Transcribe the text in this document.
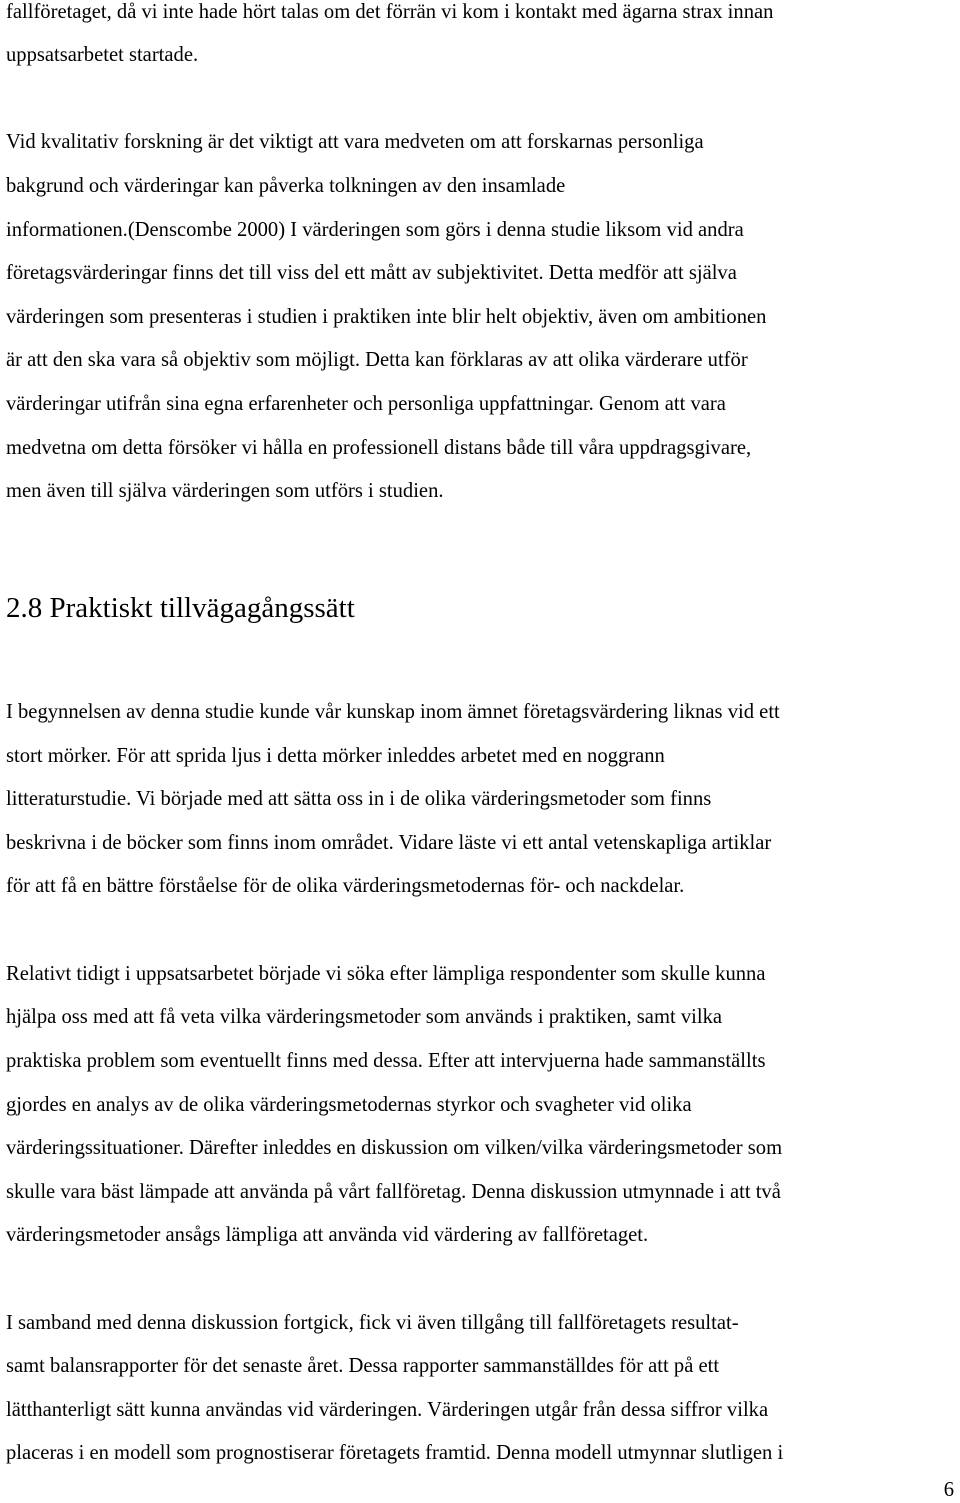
fallföretaget, då vi inte hade hört talas om det förrän vi kom i kontakt med ägarna strax innan
uppsatsarbetet startade.
Vid kvalitativ forskning är det viktigt att vara medveten om att forskarnas personliga
bakgrund och värderingar kan påverka tolkningen av den insamlade
informationen.(Denscombe 2000) I värderingen som görs i denna studie liksom vid andra
företagsvärderingar finns det till viss del ett mått av subjektivitet. Detta medför att själva
värderingen som presenteras i studien i praktiken inte blir helt objektiv, även om ambitionen
är att den ska vara så objektiv som möjligt. Detta kan förklaras av att olika värderare utför
värderingar utifrån sina egna erfarenheter och personliga uppfattningar. Genom att vara
medvetna om detta försöker vi hålla en professionell distans både till våra uppdragsgivare,
men även till själva värderingen som utförs i studien.
2.8 Praktiskt tillvägagångssätt
I begynnelsen av denna studie kunde vår kunskap inom ämnet företagsvärdering liknas vid ett
stort mörker. För att sprida ljus i detta mörker inleddes arbetet med en noggrann
litteraturstudie. Vi började med att sätta oss in i de olika värderingsmetoder som finns
beskrivna i de böcker som finns inom området. Vidare läste vi ett antal vetenskapliga artiklar
för att få en bättre förståelse för de olika värderingsmetodernas för- och nackdelar.
Relativt tidigt i uppsatsarbetet började vi söka efter lämpliga respondenter som skulle kunna
hjälpa oss med att få veta vilka värderingsmetoder som används i praktiken, samt vilka
praktiska problem som eventuellt finns med dessa. Efter att intervjuerna hade sammanställts
gjordes en analys av de olika värderingsmetodernas styrkor och svagheter vid olika
värderingssituationer. Därefter inleddes en diskussion om vilken/vilka värderingsmetoder som
skulle vara bäst lämpade att använda på vårt fallföretag. Denna diskussion utmynnade i att två
värderingsmetoder ansågs lämpliga att använda vid värdering av fallföretaget.
I samband med denna diskussion fortgick, fick vi även tillgång till fallföretagets resultat-
samt balansrapporter för det senaste året. Dessa rapporter sammanställdes för att på ett
lätthanterligt sätt kunna användas vid värderingen. Värderingen utgår från dessa siffror vilka
placeras i en modell som prognostiserar företagets framtid. Denna modell utmynnar slutligen i
6
